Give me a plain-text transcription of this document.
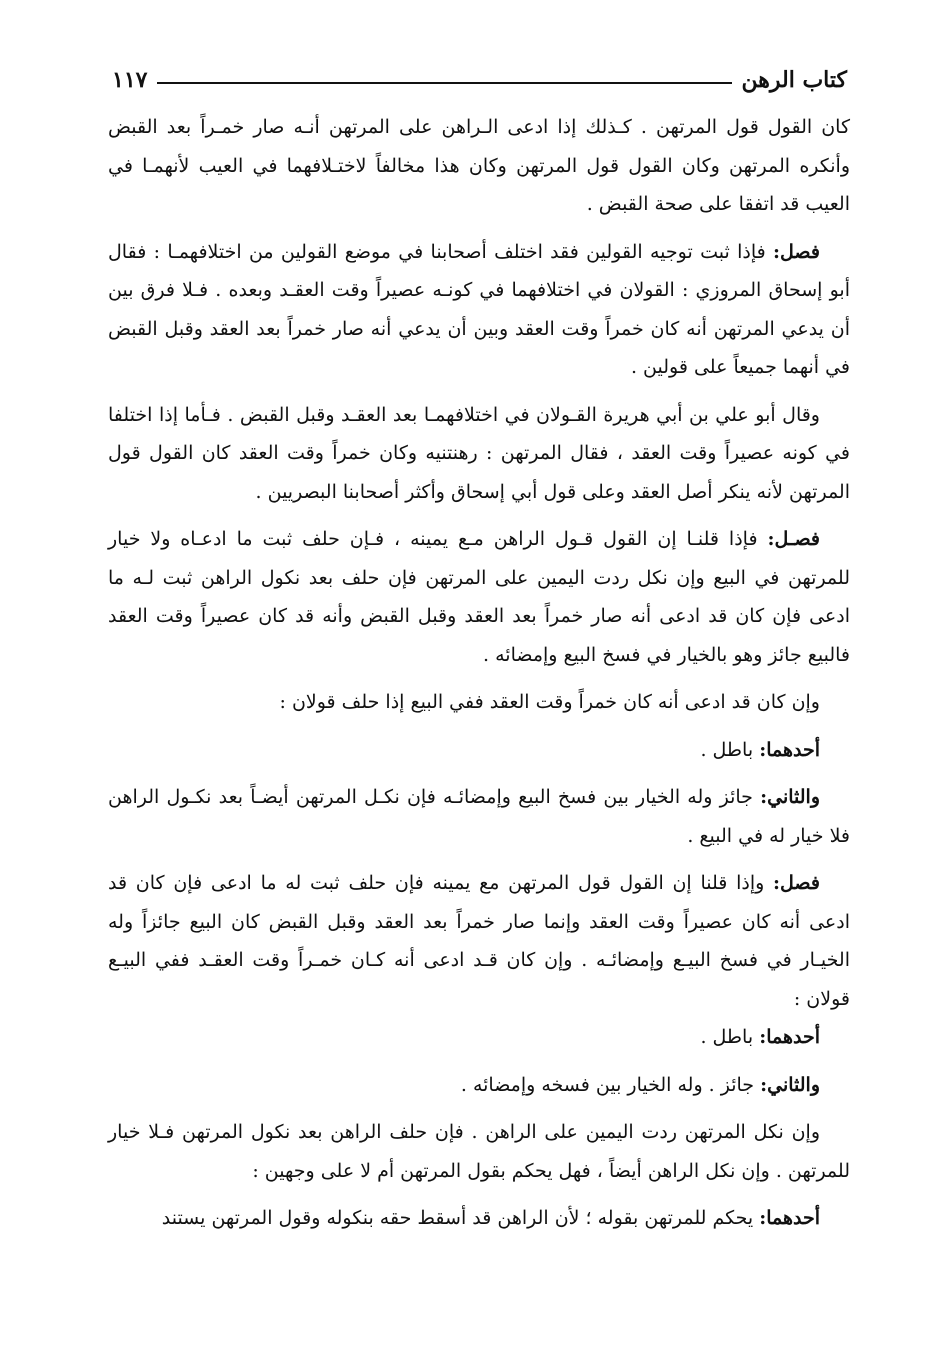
كتاب الرهن
١١٧

كان القول قول المرتهن . كـذلك إذا ادعى الـراهن على المرتهن أنـه صار خمـراً بعد القبض وأنكره المرتهن وكان القول قول المرتهن وكان هذا مخالفاً لاختـلافهما في العيب لأنهمـا في العيب قد اتفقا على صحة القبض .

فصل: فإذا ثبت توجيه القولين فقد اختلف أصحابنا في موضع القولين من اختلافهمـا : فقال أبو إسحاق المروزي : القولان في اختلافهما في كونـه عصيراً وقت العقـد وبعده . فـلا فرق بين أن يدعي المرتهن أنه كان خمراً وقت العقد وبين أن يدعي أنه صار خمراً بعد العقد وقبل القبض في أنهما جميعاً على قولين .

وقال أبو علي بن أبي هريرة القـولان في اختلافهمـا بعد العقـد وقبل القبض . فـأما إذا اختلفا في كونه عصيراً وقت العقد ، فقال المرتهن : رهنتنيه وكان خمراً وقت العقد كان القول قول المرتهن لأنه ينكر أصل العقد وعلى قول أبي إسحاق وأكثر أصحابنا البصريين .

فصـل: فإذا قلنـا إن القول قـول الراهن مـع يمينه ، فـإن حلف ثبت ما ادعـاه ولا خيار للمرتهن في البيع وإن نكل ردت اليمين على المرتهن فإن حلف بعد نكول الراهن ثبت لـه ما ادعى فإن كان قد ادعى أنه صار خمراً بعد العقد وقبل القبض وأنه قد كان عصيراً وقت العقد فالبيع جائز وهو بالخيار في فسخ البيع وإمضائه .

وإن كان قد ادعى أنه كان خمراً وقت العقد ففي البيع إذا حلف قولان :

أحدهما: باطل .

والثاني: جائز وله الخيار بين فسخ البيع وإمضائـه فإن نكـل المرتهن أيضـاً بعد نكـول الراهن فلا خيار له في البيع .

فصل: وإذا قلنا إن القول قول المرتهن مع يمينه فإن حلف ثبت له ما ادعى فإن كان قد ادعى أنه كان عصيراً وقت العقد وإنما صار خمراً بعد العقد وقبل القبض كان البيع جائزاً وله الخيـار في فسخ البيـع وإمضائـه . وإن كان قـد ادعى أنه كـان خمـراً وقت العقـد ففي البيـع قولان :

أحدهما: باطل .

والثاني: جائز . وله الخيار بين فسخه وإمضائه .

وإن نكل المرتهن ردت اليمين على الراهن . فإن حلف الراهن بعد نكول المرتهن فـلا خيار للمرتهن . وإن نكل الراهن أيضاً ، فهل يحكم بقول المرتهن أم لا على وجهين :

أحدهما: يحكم للمرتهن بقوله ؛ لأن الراهن قد أسقط حقه بنكوله وقول المرتهن يستند
